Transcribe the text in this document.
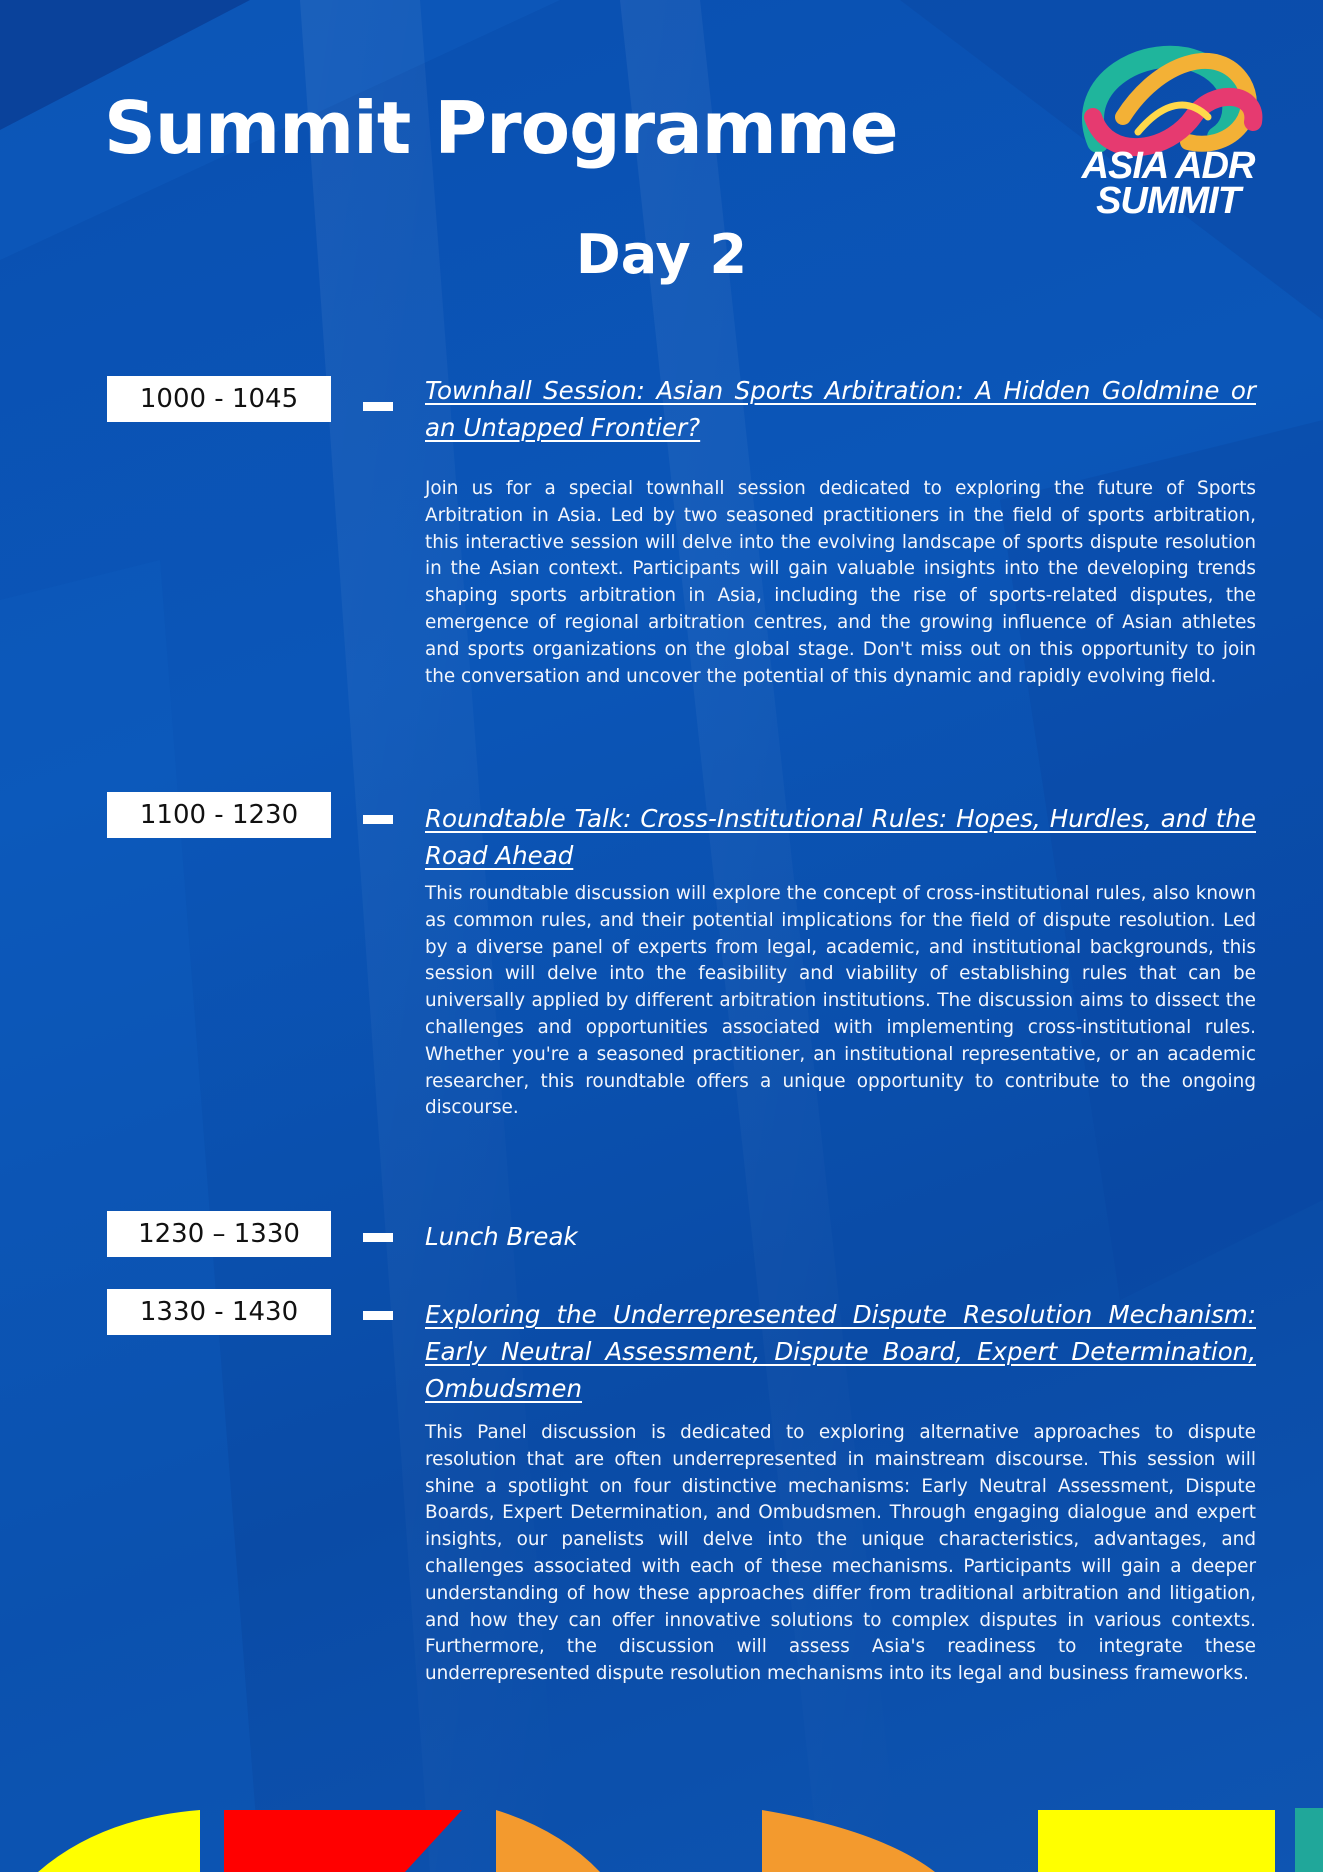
Summit Programme
Day 2
ASIA ADR
SUMMIT
1000 - 1045	Townhall Session: Asian Sports Arbitration: A Hidden Goldmine or an Untapped Frontier?

Join us for a special townhall session dedicated to exploring the future of Sports Arbitration in Asia. Led by two seasoned practitioners in the field of sports arbitration, this interactive session will delve into the evolving landscape of sports dispute resolution in the Asian context. Participants will gain valuable insights into the developing trends shaping sports arbitration in Asia, including the rise of sports-related disputes, the emergence of regional arbitration centres, and the growing influence of Asian athletes and sports organizations on the global stage. Don't miss out on this opportunity to join the conversation and uncover the potential of this dynamic and rapidly evolving field.

1100 - 1230	Roundtable Talk: Cross-Institutional Rules: Hopes, Hurdles, and the Road Ahead

This roundtable discussion will explore the concept of cross-institutional rules, also known as common rules, and their potential implications for the field of dispute resolution. Led by a diverse panel of experts from legal, academic, and institutional backgrounds, this session will delve into the feasibility and viability of establishing rules that can be universally applied by different arbitration institutions. The discussion aims to dissect the challenges and opportunities associated with implementing cross-institutional rules. Whether you're a seasoned practitioner, an institutional representative, or an academic researcher, this roundtable offers a unique opportunity to contribute to the ongoing discourse.

1230 – 1330	Lunch Break
1330 - 1430	Exploring the Underrepresented Dispute Resolution Mechanism: Early Neutral Assessment, Dispute Board, Expert Determination, Ombudsmen

This Panel discussion is dedicated to exploring alternative approaches to dispute resolution that are often underrepresented in mainstream discourse. This session will shine a spotlight on four distinctive mechanisms: Early Neutral Assessment, Dispute Boards, Expert Determination, and Ombudsmen. Through engaging dialogue and expert insights, our panelists will delve into the unique characteristics, advantages, and challenges associated with each of these mechanisms. Participants will gain a deeper understanding of how these approaches differ from traditional arbitration and litigation, and how they can offer innovative solutions to complex disputes in various contexts. Furthermore, the discussion will assess Asia's readiness to integrate these underrepresented dispute resolution mechanisms into its legal and business frameworks.
